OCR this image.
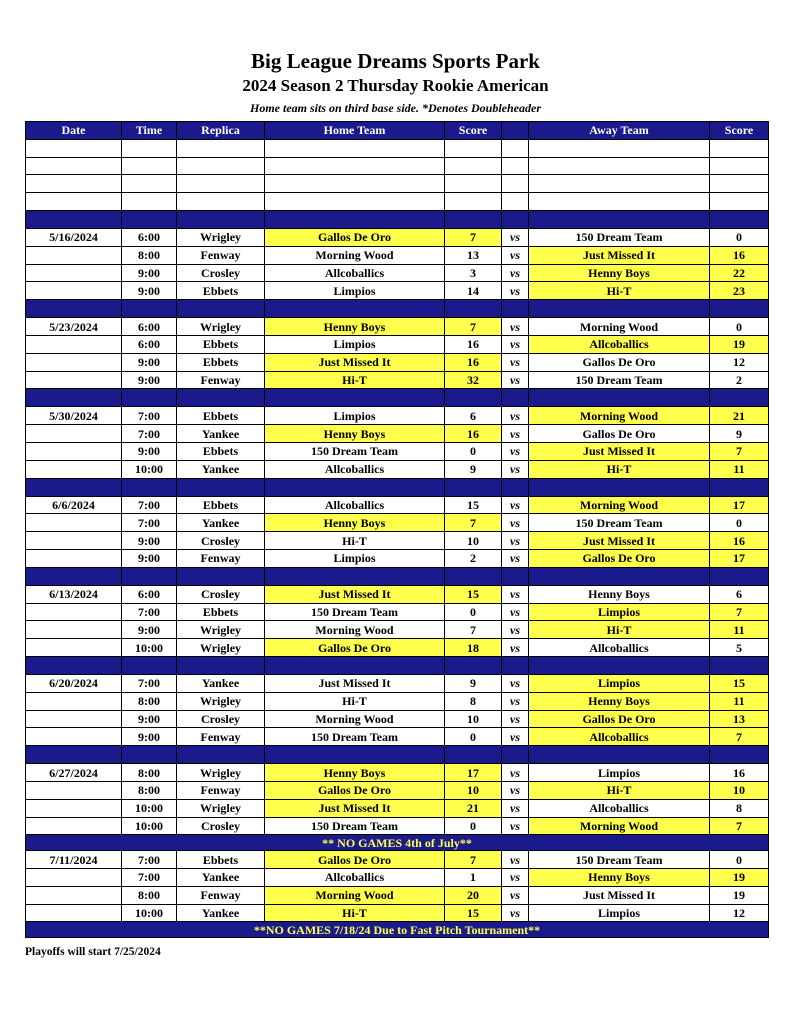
Big League Dreams Sports Park
2024 Season 2 Thursday Rookie American
Home team sits on third base side. *Denotes Doubleheader
Date	Time	Replica	Home Team	Score		Away Team	Score

5/16/2024	6:00	Wrigley	Gallos De Oro	7	vs	150 Dream Team	0
	8:00	Fenway	Morning Wood	13	vs	Just Missed It	16
	9:00	Crosley	Allcoballics	3	vs	Henny Boys	22
	9:00	Ebbets	Limpios	14	vs	Hi-T	23

5/23/2024	6:00	Wrigley	Henny Boys	7	vs	Morning Wood	0
	6:00	Ebbets	Limpios	16	vs	Allcoballics	19
	9:00	Ebbets	Just Missed It	16	vs	Gallos De Oro	12
	9:00	Fenway	Hi-T	32	vs	150 Dream Team	2

5/30/2024	7:00	Ebbets	Limpios	6	vs	Morning Wood	21
	7:00	Yankee	Henny Boys	16	vs	Gallos De Oro	9
	9:00	Ebbets	150 Dream Team	0	vs	Just Missed It	7
	10:00	Yankee	Allcoballics	9	vs	Hi-T	11

6/6/2024	7:00	Ebbets	Allcoballics	15	vs	Morning Wood	17
	7:00	Yankee	Henny Boys	7	vs	150 Dream Team	0
	9:00	Crosley	Hi-T	10	vs	Just Missed It	16
	9:00	Fenway	Limpios	2	vs	Gallos De Oro	17

6/13/2024	6:00	Crosley	Just Missed It	15	vs	Henny Boys	6
	7:00	Ebbets	150 Dream Team	0	vs	Limpios	7
	9:00	Wrigley	Morning Wood	7	vs	Hi-T	11
	10:00	Wrigley	Gallos De Oro	18	vs	Allcoballics	5

6/20/2024	7:00	Yankee	Just Missed It	9	vs	Limpios	15
	8:00	Wrigley	Hi-T	8	vs	Henny Boys	11
	9:00	Crosley	Morning Wood	10	vs	Gallos De Oro	13
	9:00	Fenway	150 Dream Team	0	vs	Allcoballics	7

6/27/2024	8:00	Wrigley	Henny Boys	17	vs	Limpios	16
	8:00	Fenway	Gallos De Oro	10	vs	Hi-T	10
	10:00	Wrigley	Just Missed It	21	vs	Allcoballics	8
	10:00	Crosley	150 Dream Team	0	vs	Morning Wood	7
** NO GAMES 4th of July**							
7/11/2024	7:00	Ebbets	Gallos De Oro	7	vs	150 Dream Team	0
	7:00	Yankee	Allcoballics	1	vs	Henny Boys	19
	8:00	Fenway	Morning Wood	20	vs	Just Missed It	19
	10:00	Yankee	Hi-T	15	vs	Limpios	12
**NO GAMES 7/18/24 Due to Fast Pitch Tournament**							
Playoffs will start 7/25/2024
